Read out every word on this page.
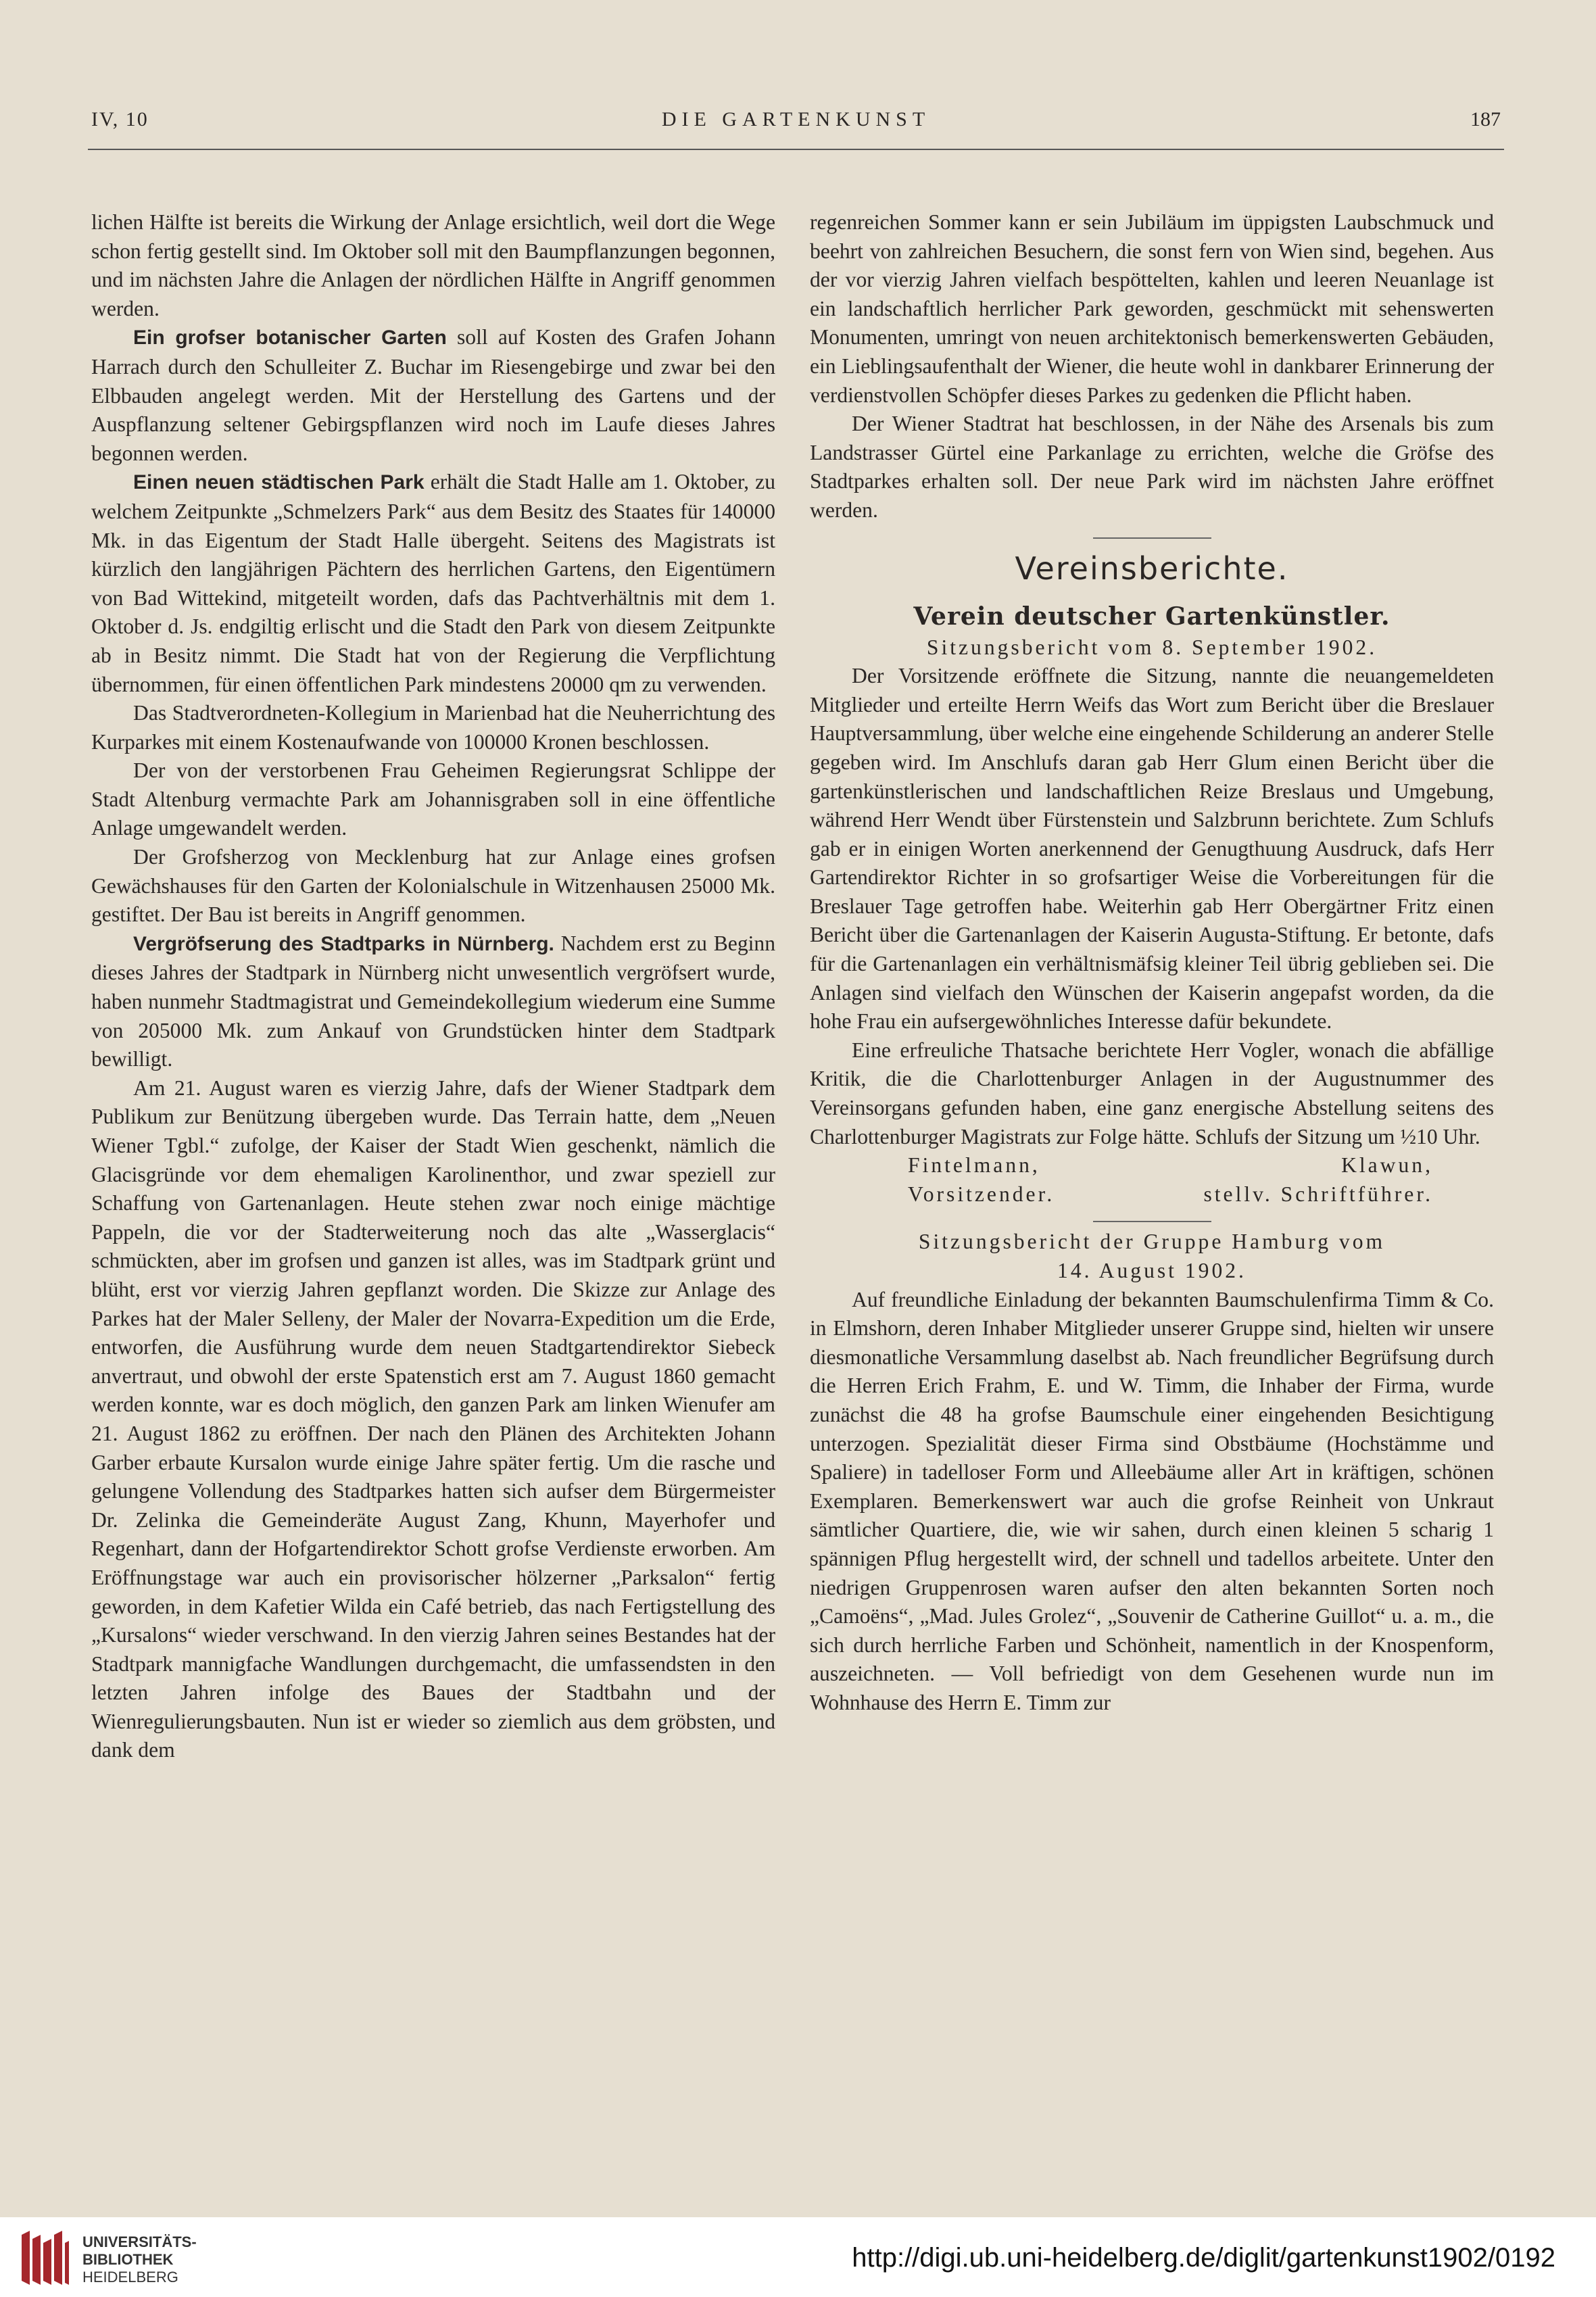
IV, 10	DIE GARTENKUNST	187

lichen Hälfte ist bereits die Wirkung der Anlage ersichtlich, weil dort die Wege schon fertig gestellt sind. Im Oktober soll mit den Baumpflanzungen begonnen, und im nächsten Jahre die Anlagen der nördlichen Hälfte in Angriff genommen werden.

Ein grofser botanischer Garten soll auf Kosten des Grafen Johann Harrach durch den Schulleiter Z. Buchar im Riesengebirge und zwar bei den Elbbauden angelegt werden. Mit der Herstellung des Gartens und der Auspflanzung seltener Gebirgspflanzen wird noch im Laufe dieses Jahres begonnen werden.

Einen neuen städtischen Park erhält die Stadt Halle am 1. Oktober, zu welchem Zeitpunkte „Schmelzers Park“ aus dem Besitz des Staates für 140000 Mk. in das Eigentum der Stadt Halle übergeht. Seitens des Magistrats ist kürzlich den langjährigen Pächtern des herrlichen Gartens, den Eigentümern von Bad Wittekind, mitgeteilt worden, dafs das Pachtverhältnis mit dem 1. Oktober d. Js. endgiltig erlischt und die Stadt den Park von diesem Zeitpunkte ab in Besitz nimmt. Die Stadt hat von der Regierung die Verpflichtung übernommen, für einen öffentlichen Park mindestens 20000 qm zu verwenden.

Das Stadtverordneten-Kollegium in Marienbad hat die Neuherrichtung des Kurparkes mit einem Kostenaufwande von 100000 Kronen beschlossen.

Der von der verstorbenen Frau Geheimen Regierungsrat Schlippe der Stadt Altenburg vermachte Park am Johannisgraben soll in eine öffentliche Anlage umgewandelt werden.

Der Grofsherzog von Mecklenburg hat zur Anlage eines grofsen Gewächshauses für den Garten der Kolonialschule in Witzenhausen 25000 Mk. gestiftet. Der Bau ist bereits in Angriff genommen.

Vergröfserung des Stadtparks in Nürnberg. Nachdem erst zu Beginn dieses Jahres der Stadtpark in Nürnberg nicht unwesentlich vergröfsert wurde, haben nunmehr Stadtmagistrat und Gemeindekollegium wiederum eine Summe von 205000 Mk. zum Ankauf von Grundstücken hinter dem Stadtpark bewilligt.

Am 21. August waren es vierzig Jahre, dafs der Wiener Stadtpark dem Publikum zur Benützung übergeben wurde. Das Terrain hatte, dem „Neuen Wiener Tgbl.“ zufolge, der Kaiser der Stadt Wien geschenkt, nämlich die Glacisgründe vor dem ehemaligen Karolinenthor, und zwar speziell zur Schaffung von Gartenanlagen. Heute stehen zwar noch einige mächtige Pappeln, die vor der Stadterweiterung noch das alte „Wasserglacis“ schmückten, aber im grofsen und ganzen ist alles, was im Stadtpark grünt und blüht, erst vor vierzig Jahren gepflanzt worden. Die Skizze zur Anlage des Parkes hat der Maler Selleny, der Maler der Novarra-Expedition um die Erde, entworfen, die Ausführung wurde dem neuen Stadtgartendirektor Siebeck anvertraut, und obwohl der erste Spatenstich erst am 7. August 1860 gemacht werden konnte, war es doch möglich, den ganzen Park am linken Wienufer am 21. August 1862 zu eröffnen. Der nach den Plänen des Architekten Johann Garber erbaute Kursalon wurde einige Jahre später fertig. Um die rasche und gelungene Vollendung des Stadtparkes hatten sich aufser dem Bürgermeister Dr. Zelinka die Gemeinderäte August Zang, Khunn, Mayerhofer und Regenhart, dann der Hofgartendirektor Schott grofse Verdienste erworben. Am Eröffnungstage war auch ein provisorischer hölzerner „Parksalon“ fertig geworden, in dem Kafetier Wilda ein Café betrieb, das nach Fertigstellung des „Kursalons“ wieder verschwand. In den vierzig Jahren seines Bestandes hat der Stadtpark mannigfache Wandlungen durchgemacht, die umfassendsten in den letzten Jahren infolge des Baues der Stadtbahn und der Wienregulierungsbauten. Nun ist er wieder so ziemlich aus dem gröbsten, und dank dem

regenreichen Sommer kann er sein Jubiläum im üppigsten Laubschmuck und beehrt von zahlreichen Besuchern, die sonst fern von Wien sind, begehen. Aus der vor vierzig Jahren vielfach bespöttelten, kahlen und leeren Neuanlage ist ein landschaftlich herrlicher Park geworden, geschmückt mit sehenswerten Monumenten, umringt von neuen architektonisch bemerkenswerten Gebäuden, ein Lieblingsaufenthalt der Wiener, die heute wohl in dankbarer Erinnerung der verdienstvollen Schöpfer dieses Parkes zu gedenken die Pflicht haben.

Der Wiener Stadtrat hat beschlossen, in der Nähe des Arsenals bis zum Landstrasser Gürtel eine Parkanlage zu errichten, welche die Gröfse des Stadtparkes erhalten soll. Der neue Park wird im nächsten Jahre eröffnet werden.

Vereinsberichte.
Verein deutscher Gartenkünstler.
Sitzungsbericht vom 8. September 1902.

Der Vorsitzende eröffnete die Sitzung, nannte die neuangemeldeten Mitglieder und erteilte Herrn Weifs das Wort zum Bericht über die Breslauer Hauptversammlung, über welche eine eingehende Schilderung an anderer Stelle gegeben wird. Im Anschlufs daran gab Herr Glum einen Bericht über die gartenkünstlerischen und landschaftlichen Reize Breslaus und Umgebung, während Herr Wendt über Fürstenstein und Salzbrunn berichtete. Zum Schlufs gab er in einigen Worten anerkennend der Genugthuung Ausdruck, dafs Herr Gartendirektor Richter in so grofsartiger Weise die Vorbereitungen für die Breslauer Tage getroffen habe. Weiterhin gab Herr Obergärtner Fritz einen Bericht über die Gartenanlagen der Kaiserin Augusta-Stiftung. Er betonte, dafs für die Gartenanlagen ein verhältnismäfsig kleiner Teil übrig geblieben sei. Die Anlagen sind vielfach den Wünschen der Kaiserin angepafst worden, da die hohe Frau ein aufsergewöhnliches Interesse dafür bekundete.

Eine erfreuliche Thatsache berichtete Herr Vogler, wonach die abfällige Kritik, die die Charlottenburger Anlagen in der Augustnummer des Vereinsorgans gefunden haben, eine ganz energische Abstellung seitens des Charlottenburger Magistrats zur Folge hätte. Schlufs der Sitzung um ½10 Uhr.

Fintelmann,	Klawun,
Vorsitzender.	stellv. Schriftführer.
Sitzungsbericht der Gruppe Hamburg vom
14. August 1902.

Auf freundliche Einladung der bekannten Baumschulenfirma Timm & Co. in Elmshorn, deren Inhaber Mitglieder unserer Gruppe sind, hielten wir unsere diesmonatliche Versammlung daselbst ab. Nach freundlicher Begrüfsung durch die Herren Erich Frahm, E. und W. Timm, die Inhaber der Firma, wurde zunächst die 48 ha grofse Baumschule einer eingehenden Besichtigung unterzogen. Spezialität dieser Firma sind Obstbäume (Hochstämme und Spaliere) in tadelloser Form und Alleebäume aller Art in kräftigen, schönen Exemplaren. Bemerkenswert war auch die grofse Reinheit von Unkraut sämtlicher Quartiere, die, wie wir sahen, durch einen kleinen 5 scharig 1 spännigen Pflug hergestellt wird, der schnell und tadellos arbeitete. Unter den niedrigen Gruppenrosen waren aufser den alten bekannten Sorten noch „Camoëns“, „Mad. Jules Grolez“, „Souvenir de Catherine Guillot“ u. a. m., die sich durch herrliche Farben und Schönheit, namentlich in der Knospenform, auszeichneten. — Voll befriedigt von dem Gesehenen wurde nun im Wohnhause des Herrn E. Timm zur

UNIVERSITÄTS-
BIBLIOTHEK
HEIDELBERG
http://digi.ub.uni-heidelberg.de/diglit/gartenkunst1902/0192
